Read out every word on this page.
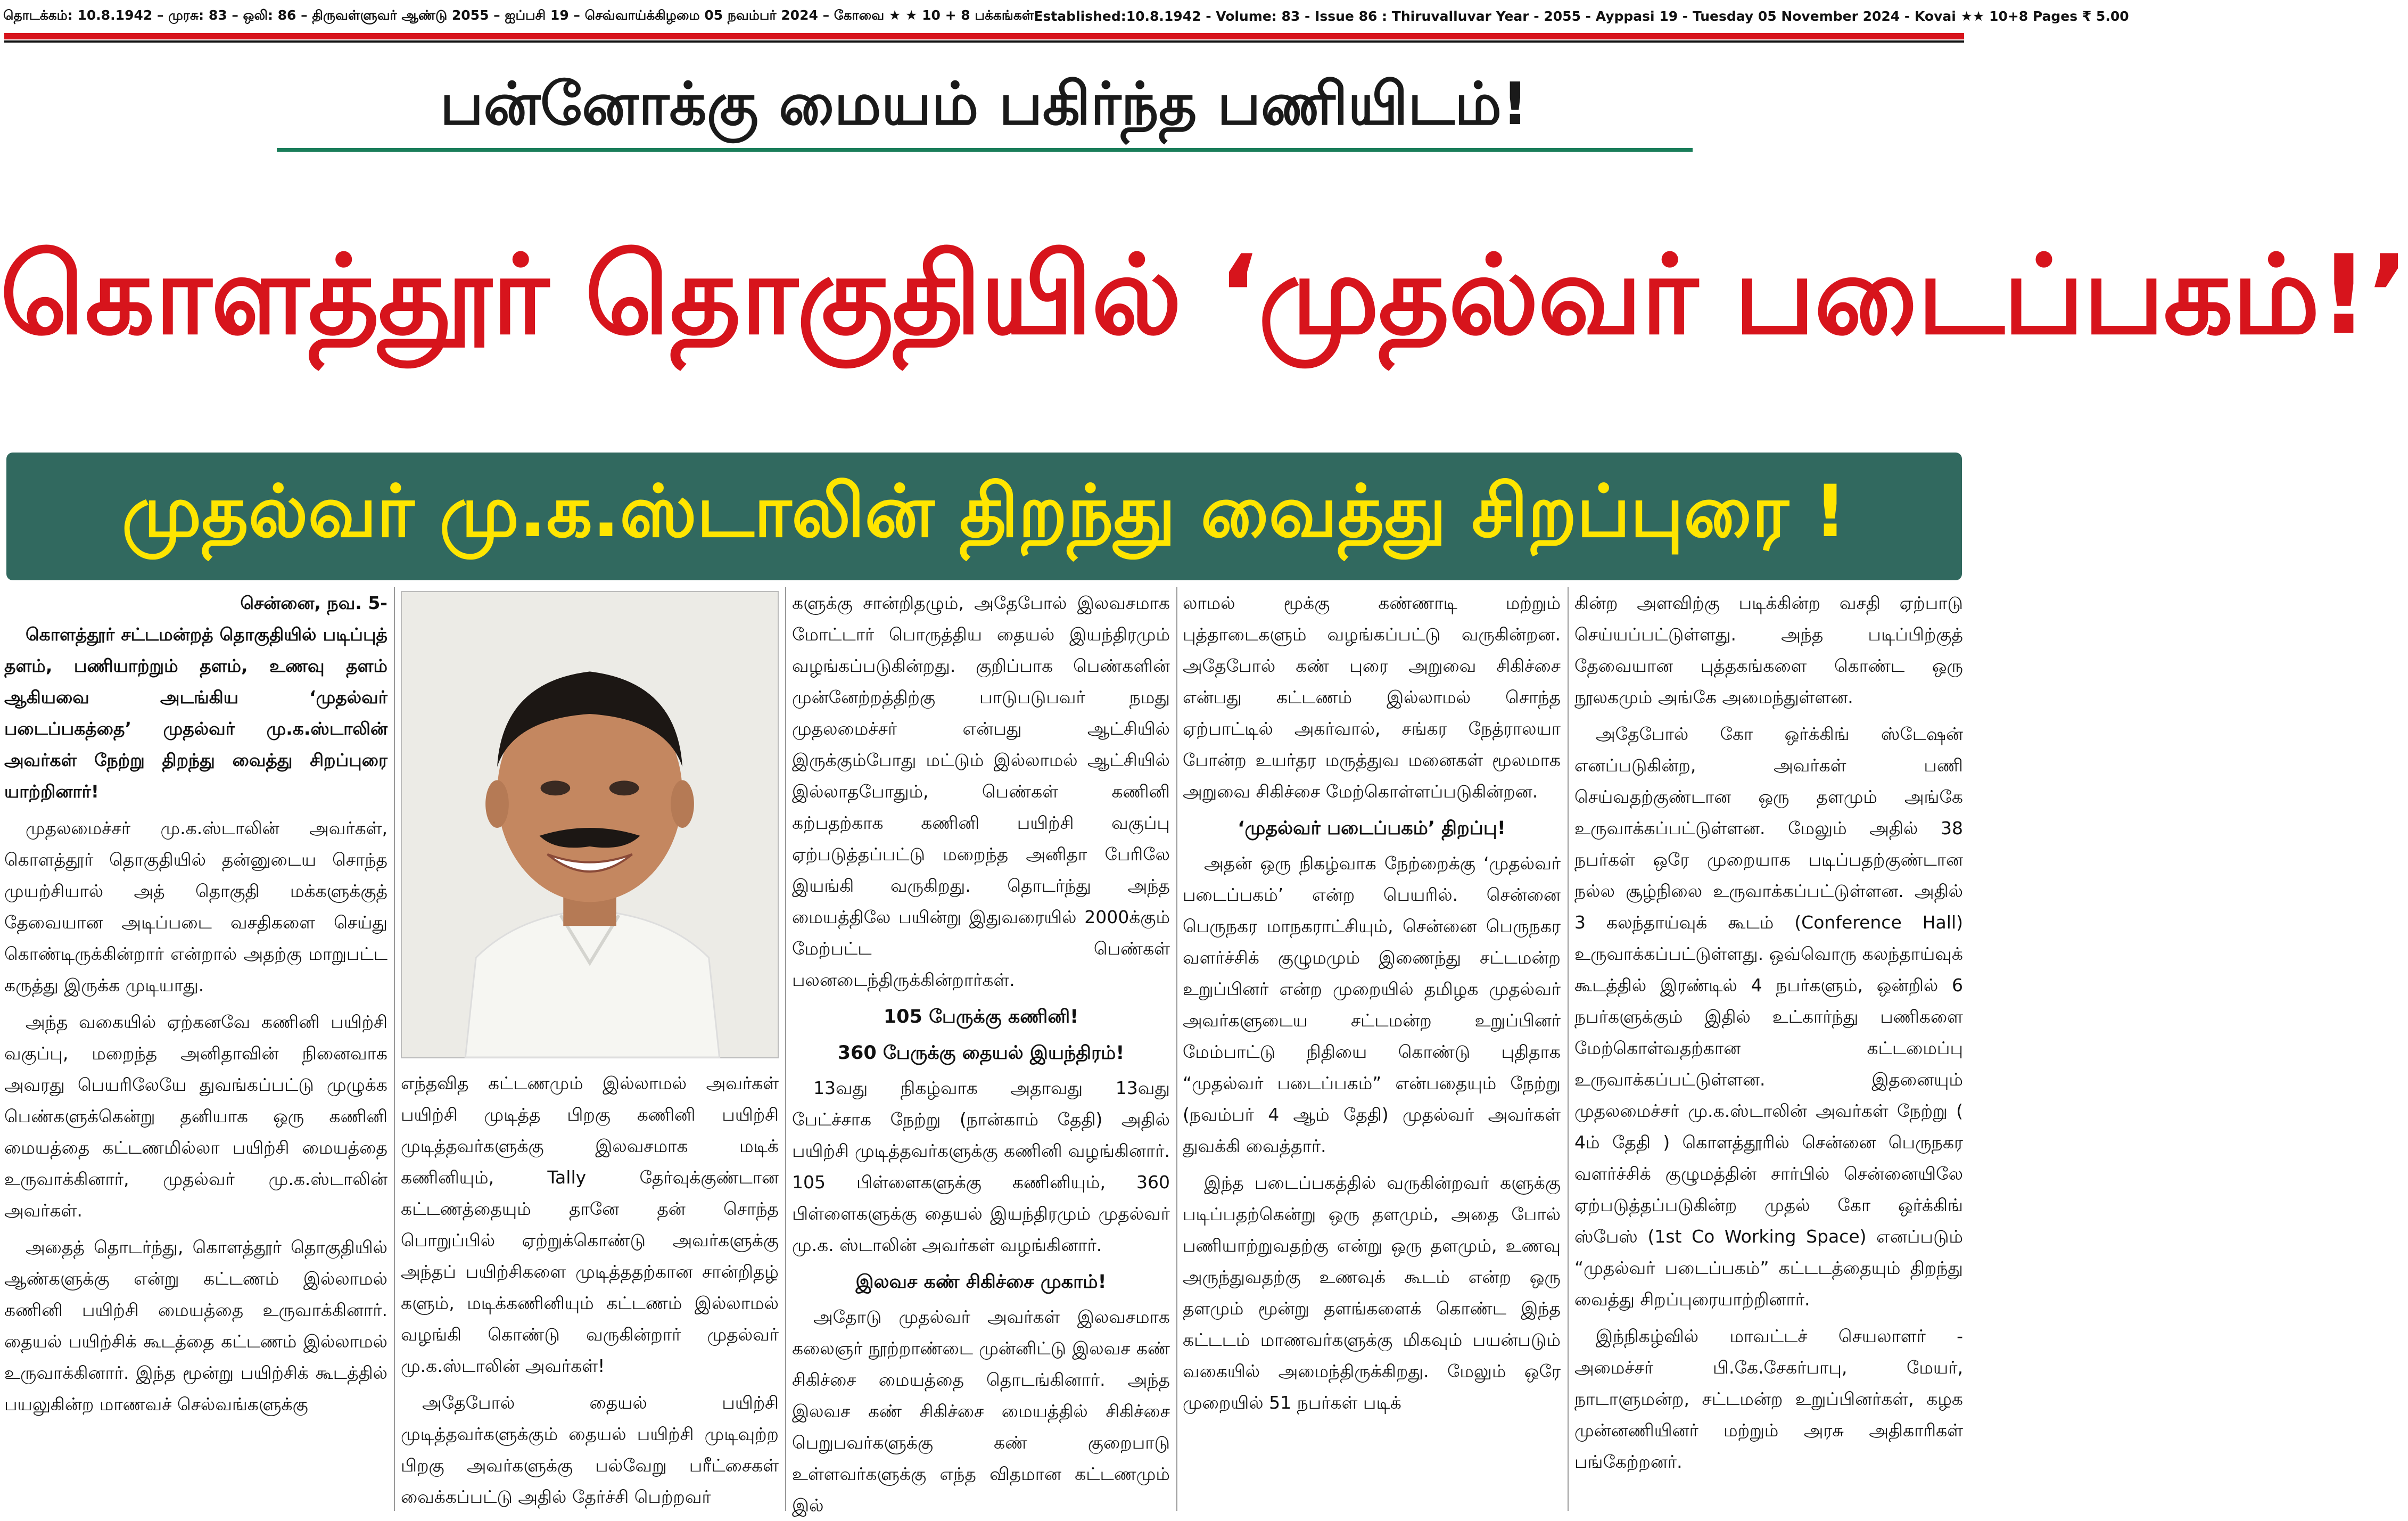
தொடக்கம்: 10.8.1942 – முரசு: 83 – ஒலி: 86 – திருவள்ளுவர் ஆண்டு 2055 – ஐப்பசி 19 – செவ்வாய்க்கிழமை 05 நவம்பர் 2024 – கோவை ★ ★ 10 + 8 பக்கங்கள் Established:10.8.1942 - Volume: 83 - Issue 86 : Thiruvalluvar Year - 2055 - Ayppasi 19 - Tuesday 05 November 2024 - Kovai ★★ 10+8 Pages ₹ 5.00
பன்னோக்கு மையம் பகிர்ந்த பணியிடம்!
கொளத்தூர் தொகுதியில் ‘முதல்வர் படைப்பகம்!’
முதல்வர் மு.க.ஸ்டாலின் திறந்து வைத்து சிறப்புரை !
சென்னை, நவ. 5-

கொளத்தூர் சட்டமன்றத் தொகுதியில் படிப்புத் தளம், பணியாற்றும் தளம், உணவு தளம் ஆகியவை அடங்கிய ‘முதல்வர் படைப்பகத்தை’ முதல்வர் மு.க.ஸ்டாலின் அவர்கள் நேற்று திறந்து வைத்து சிறப்புரை யாற்றினார்!

முதலமைச்சர் மு.க.ஸ்டாலின் அவர்கள், கொளத்தூர் தொகுதியில் தன்னுடைய சொந்த முயற்சியால் அத் தொகுதி மக்களுக்குத் தேவையான அடிப்படை வசதிகளை செய்து கொண்டிருக்கின்றார் என்றால் அதற்கு மாறுபட்ட கருத்து இருக்க முடியாது.

அந்த வகையில் ஏற்கனவே கணினி பயிற்சி வகுப்பு, மறைந்த அனிதாவின் நினைவாக அவரது பெயரிலேயே துவங்கப்பட்டு முழுக்க பெண்களுக்கென்று தனியாக ஒரு கணினி மையத்தை கட்டணமில்லா பயிற்சி மையத்தை உருவாக்கினார், முதல்வர் மு.க.ஸ்டாலின் அவர்கள்.

அதைத் தொடர்ந்து, கொளத்தூர் தொகுதியில் ஆண்களுக்கு என்று கட்டணம் இல்லாமல் கணினி பயிற்சி மையத்தை உருவாக்கினார். தையல் பயிற்சிக் கூடத்தை கட்டணம் இல்லாமல் உருவாக்கினார். இந்த மூன்று பயிற்சிக் கூடத்தில் பயலுகின்ற மாணவச் செல்வங்களுக்கு

எந்தவித கட்டணமும் இல்லாமல் அவர்கள் பயிற்சி முடித்த பிறகு கணினி பயிற்சி முடித்தவர்களுக்கு இலவசமாக மடிக் கணினியும், Tally தேர்வுக்குண்டான கட்டணத்தையும் தானே தன் சொந்த பொறுப்பில் ஏற்றுக்கொண்டு அவர்களுக்கு அந்தப் பயிற்சிகளை முடித்ததற்கான சான்றிதழ் களும், மடிக்கணினியும் கட்டணம் இல்லாமல் வழங்கி கொண்டு வருகின்றார் முதல்வர் மு.க.ஸ்டாலின் அவர்கள்!

அதேபோல் தையல் பயிற்சி முடித்தவர்களுக்கும் தையல் பயிற்சி முடிவுற்ற பிறகு அவர்களுக்கு பல்வேறு பரீட்சைகள் வைக்கப்பட்டு அதில் தேர்ச்சி பெற்றவர்

களுக்கு சான்றிதழும், அதேபோல் இலவசமாக மோட்டார் பொருத்திய தையல் இயந்திரமும் வழங்கப்படுகின்றது. குறிப்பாக பெண்களின் முன்னேற்றத்திற்கு பாடுபடுபவர் நமது முதலமைச்சர் என்பது ஆட்சியில் இருக்கும்போது மட்டும் இல்லாமல் ஆட்சியில் இல்லாதபோதும், பெண்கள் கணினி கற்பதற்காக கணினி பயிற்சி வகுப்பு ஏற்படுத்தப்பட்டு மறைந்த அனிதா பேரிலே இயங்கி வருகிறது. தொடர்ந்து அந்த மையத்திலே பயின்று இதுவரையில் 2000க்கும் மேற்பட்ட பெண்கள் பலனடைந்திருக்கின்றார்கள்.

105 பேருக்கு கணினி!
360 பேருக்கு தையல் இயந்திரம்!

13வது நிகழ்வாக அதாவது 13வது பேட்ச்சாக நேற்று (நான்காம் தேதி) அதில் பயிற்சி முடித்தவர்களுக்கு கணினி வழங்கினார். 105 பிள்ளைகளுக்கு கணினியும், 360 பிள்ளைகளுக்கு தையல் இயந்திரமும் முதல்வர் மு.க. ஸ்டாலின் அவர்கள் வழங்கினார்.

இலவச கண் சிகிச்சை முகாம்!

அதோடு முதல்வர் அவர்கள் இலவசமாக கலைஞர் நூற்றாண்டை முன்னிட்டு இலவச கண் சிகிச்சை மையத்தை தொடங்கினார். அந்த இலவச கண் சிகிச்சை மையத்தில் சிகிச்சை பெறுபவர்களுக்கு கண் குறைபாடு உள்ளவர்களுக்கு எந்த விதமான கட்டணமும் இல்

லாமல் மூக்கு கண்ணாடி மற்றும் புத்தாடைகளும் வழங்கப்பட்டு வருகின்றன. அதேபோல் கண் புரை அறுவை சிகிச்சை என்பது கட்டணம் இல்லாமல் சொந்த ஏற்பாட்டில் அகர்வால், சங்கர நேத்ராலயா போன்ற உயர்தர மருத்துவ மனைகள் மூலமாக அறுவை சிகிச்சை மேற்கொள்ளப்படுகின்றன.

‘முதல்வர் படைப்பகம்’ திறப்பு!

அதன் ஒரு நிகழ்வாக நேற்றைக்கு ‘முதல்வர் படைப்பகம்’ என்ற பெயரில். சென்னை பெருநகர மாநகராட்சியும், சென்னை பெருநகர வளர்ச்சிக் குழுமமும் இணைந்து சட்டமன்ற உறுப்பினர் என்ற முறையில் தமிழக முதல்வர் அவர்களுடைய சட்டமன்ற உறுப்பினர் மேம்பாட்டு நிதியை கொண்டு புதிதாக “முதல்வர் படைப்பகம்” என்பதையும் நேற்று (நவம்பர் 4 ஆம் தேதி) முதல்வர் அவர்கள் துவக்கி வைத்தார்.

இந்த படைப்பகத்தில் வருகின்றவர் களுக்கு படிப்பதற்கென்று ஒரு தளமும், அதை போல் பணியாற்றுவதற்கு என்று ஒரு தளமும், உணவு அருந்துவதற்கு உணவுக் கூடம் என்ற ஒரு தளமும் மூன்று தளங்களைக் கொண்ட இந்த கட்டடம் மாணவர்களுக்கு மிகவும் பயன்படும் வகையில் அமைந்திருக்கிறது. மேலும் ஒரே முறையில் 51 நபர்கள் படிக்

கின்ற அளவிற்கு படிக்கின்ற வசதி ஏற்பாடு செய்யப்பட்டுள்ளது. அந்த படிப்பிற்குத் தேவையான புத்தகங்களை கொண்ட ஒரு நூலகமும் அங்கே அமைந்துள்ளன.

அதேபோல் கோ ஒர்க்கிங் ஸ்டேஷன் எனப்படுகின்ற, அவர்கள் பணி செய்வதற்குண்டான ஒரு தளமும் அங்கே உருவாக்கப்பட்டுள்ளன. மேலும் அதில் 38 நபர்கள் ஒரே முறையாக படிப்பதற்குண்டான நல்ல சூழ்நிலை உருவாக்கப்பட்டுள்ளன. அதில் 3 கலந்தாய்வுக் கூடம் (Conference Hall) உருவாக்கப்பட்டுள்ளது. ஒவ்வொரு கலந்தாய்வுக் கூடத்தில் இரண்டில் 4 நபர்களும், ஒன்றில் 6 நபர்களுக்கும் இதில் உட்கார்ந்து பணிகளை மேற்கொள்வதற்கான கட்டமைப்பு உருவாக்கப்பட்டுள்ளன. இதனையும் முதலமைச்சர் மு.க.ஸ்டாலின் அவர்கள் நேற்று ( 4ம் தேதி ) கொளத்தூரில் சென்னை பெருநகர வளர்ச்சிக் குழுமத்தின் சார்பில் சென்னையிலே ஏற்படுத்தப்படுகின்ற முதல் கோ ஒர்க்கிங் ஸ்பேஸ் (1st Co Working Space) எனப்படும் “முதல்வர் படைப்பகம்” கட்டடத்தையும் திறந்து வைத்து சிறப்புரையாற்றினார்.

இந்நிகழ்வில் மாவட்டச் செயலாளர் - அமைச்சர் பி.கே.சேகர்பாபு, மேயர், நாடாளுமன்ற, சட்டமன்ற உறுப்பினர்கள், கழக முன்னணியினர் மற்றும் அரசு அதிகாரிகள் பங்கேற்றனர்.
